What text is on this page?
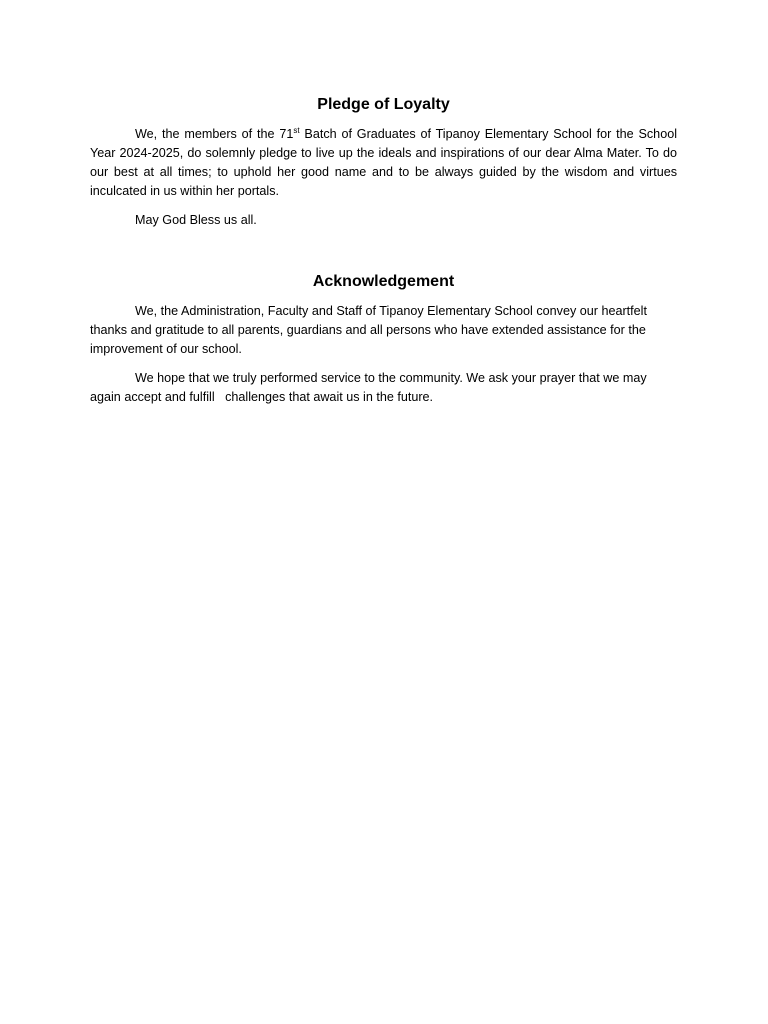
Pledge of Loyalty

We, the members of the 71st Batch of Graduates of Tipanoy Elementary School for the School Year 2024-2025, do solemnly pledge to live up the ideals and inspirations of our dear Alma Mater. To do our best at all times; to uphold her good name and to be always guided by the wisdom and virtues inculcated in us within her portals.

May God Bless us all.

Acknowledgement

We, the Administration, Faculty and Staff of Tipanoy Elementary School convey our heartfelt thanks and gratitude to all parents, guardians and all persons who have extended assistance for the improvement of our school.

We hope that we truly performed service to the community. We ask your prayer that we may again accept and fulfill   challenges that await us in the future.
